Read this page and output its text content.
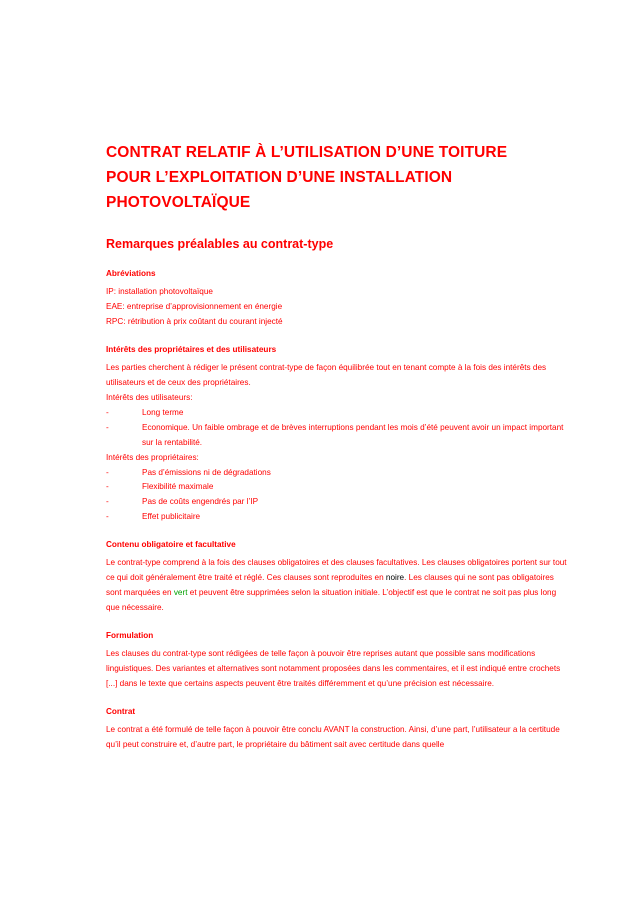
CONTRAT RELATIF À L’UTILISATION D’UNE TOITURE
POUR L’EXPLOITATION D’UNE INSTALLATION
PHOTOVOLTAÏQUE
Remarques préalables au contrat-type
Abréviations

IP: installation photovoltaïque

EAE: entreprise d’approvisionnement en énergie

RPC: rétribution à prix coûtant du courant injecté

Intérêts des propriétaires et des utilisateurs

Les parties cherchent à rédiger le présent contrat-type de façon équilibrée tout en tenant compte à la fois des intérêts des utilisateurs et de ceux des propriétaires.

Intérêts des utilisateurs:

- Long terme
- Economique. Un faible ombrage et de brèves interruptions pendant les mois d’été peuvent avoir un impact important sur la rentabilité.

Intérêts des propriétaires:

- Pas d’émissions ni de dégradations
- Flexibilité maximale
- Pas de coûts engendrés par l’IP
- Effet publicitaire
Contenu obligatoire et facultative

Le contrat-type comprend à la fois des clauses obligatoires et des clauses facultatives. Les clauses obligatoires portent sur tout ce qui doit généralement être traité et réglé. Ces clauses sont reproduites en noire. Les clauses qui ne sont pas obligatoires sont marquées en vert et peuvent être supprimées selon la situation initiale. L’objectif est que le contrat ne soit pas plus long que nécessaire.

Formulation

Les clauses du contrat-type sont rédigées de telle façon à pouvoir être reprises autant que possible sans modifications linguistiques. Des variantes et alternatives sont notamment proposées dans les commentaires, et il est indiqué entre crochets [...] dans le texte que certains aspects peuvent être traités différemment et qu’une précision est nécessaire.

Contrat

Le contrat a été formulé de telle façon à pouvoir être conclu AVANT la construction. Ainsi, d’une part, l’utilisateur a la certitude qu’il peut construire et, d’autre part, le propriétaire du bâtiment sait avec certitude dans quelle
